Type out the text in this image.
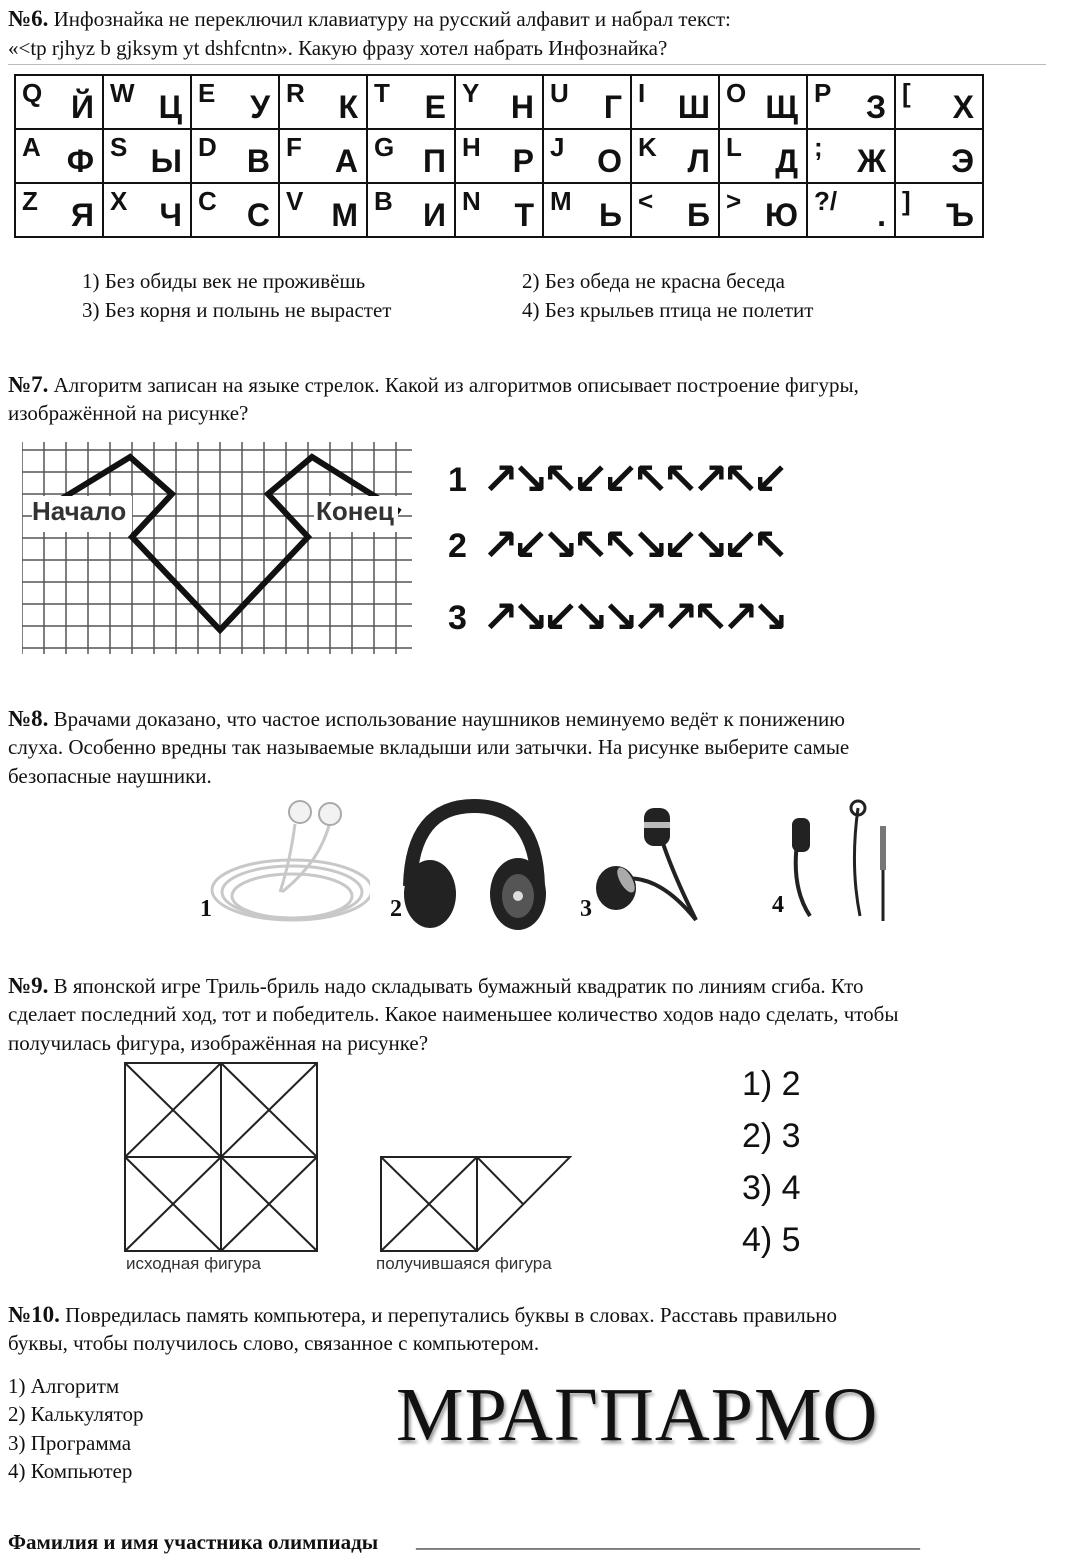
№6. Инфознайка не переключил клавиатуру на русский алфавит и набрал текст:
«<tp rjhyz b gjksym yt dshfcntn». Какую фразу хотел набрать Инфознайка?
Q Й	W Ц	E У	R К	T Е	Y Н	U Г	I Ш	O Щ	P З	[ Х

A Ф	S Ы	D В	F А	G П	H Р	J О	K Л	L Д	; Ж	Э

Z Я	X Ч	C С	V М	B И	N Т	M Ь	< Б	> Ю	?/ .	] Ъ
1) Без обиды век не проживёшь	2) Без обеда не красна беседа
3) Без корня и полынь не вырастет	4) Без крыльев птица не полетит
№7. Алгоритм записан на языке стрелок. Какой из алгоритмов описывает построение фигуры,
изображённой на рисунке?
Начало	Конец
1 ↗
↘
↖
↙
↙
↖
↖
↗
↖
↙
2 ↗
↙
↘
↖
↖
↘
↙
↘
↙
↖
3 ↗
↘
↙
↘
↘
↗
↗
↖
↗
↘
№8. Врачами доказано, что частое использование наушников неминуемо ведёт к понижению
слуха. Особенно вредны так называемые вкладыши или затычки. На рисунке выберите самые
безопасные наушники.
1	2	3	4
№9. В японской игре Триль-бриль надо складывать бумажный квадратик по линиям сгиба. Кто
сделает последний ход, тот и победитель. Какое наименьшее количество ходов надо сделать, чтобы
получилась фигура, изображённая на рисунке?
исходная фигура	получившаяся фигура
1) 2
2) 3
3) 4
4) 5
№10. Повредилась память компьютера, и перепутались буквы в словах. Расставь правильно
буквы, чтобы получилось слово, связанное с компьютером.
1) Алгоритм
2) Калькулятор
3) Программа
4) Компьютер
МРАГПАРМО
Фамилия и имя участника олимпиады ________________________________________________
